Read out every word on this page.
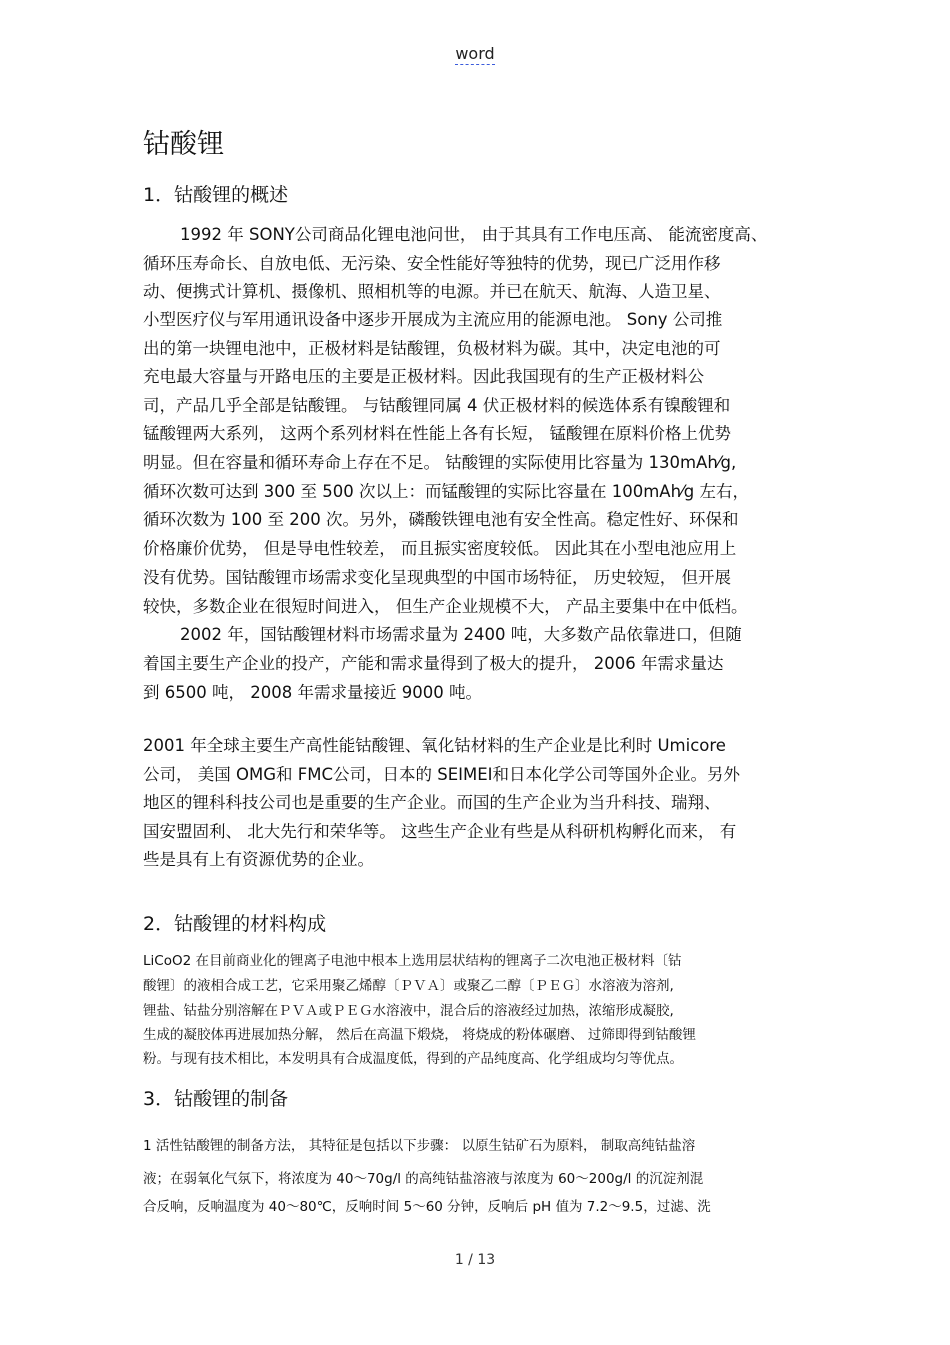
word
钴酸锂
1．钴酸锂的概述
1992 年 SONY公司商品化锂电池问世， 由于其具有工作电压高、 能流密度高、
循环压寿命长、自放电低、无污染、安全性能好等独特的优势，现已广泛用作移
动、便携式计算机、摄像机、照相机等的电源。并已在航天、航海、人造卫星、
小型医疗仪与军用通讯设备中逐步开展成为主流应用的能源电池。 Sony 公司推
出的第一块锂电池中，正极材料是钴酸锂，负极材料为碳。其中，决定电池的可
充电最大容量与开路电压的主要是正极材料。因此我国现有的生产正极材料公
司，产品几乎全部是钴酸锂。 与钴酸锂同属 4 伏正极材料的候选体系有镍酸锂和
锰酸锂两大系列， 这两个系列材料在性能上各有长短， 锰酸锂在原料价格上优势
明显。但在容量和循环寿命上存在不足。 钴酸锂的实际使用比容量为 130mAh⁄g,
循环次数可达到 300 至 500 次以上：而锰酸锂的实际比容量在 100mAh⁄g 左右，
循环次数为 100 至 200 次。另外，磷酸铁锂电池有安全性高。稳定性好、环保和
价格廉价优势， 但是导电性较差， 而且振实密度较低。 因此其在小型电池应用上
没有优势。国钴酸锂市场需求变化呈现典型的中国市场特征， 历史较短， 但开展
较快，多数企业在很短时间进入， 但生产企业规模不大， 产品主要集中在中低档。
2002 年，国钴酸锂材料市场需求量为 2400 吨，大多数产品依靠进口，但随
着国主要生产企业的投产，产能和需求量得到了极大的提升， 2006 年需求量达
到 6500 吨， 2008 年需求量接近 9000 吨。
2001 年全球主要生产高性能钴酸锂、氧化钴材料的生产企业是比利时 Umicore
公司， 美国 OMG和 FMC公司，日本的 SEIMEI和日本化学公司等国外企业。另外
地区的锂科科技公司也是重要的生产企业。而国的生产企业为当升科技、瑞翔、
国安盟固利、 北大先行和荣华等。 这些生产企业有些是从科研机构孵化而来， 有
些是具有上有资源优势的企业。
2．钴酸锂的材料构成
LiCoO2 在目前商业化的锂离子电池中根本上选用层状结构的锂离子二次电池正极材料〔钴
酸锂〕的液相合成工艺，它采用聚乙烯醇〔ＰＶＡ〕或聚乙二醇〔ＰＥＧ〕水溶液为溶剂,
锂盐、钴盐分别溶解在ＰＶＡ或ＰＥＧ水溶液中，混合后的溶液经过加热，浓缩形成凝胶,
生成的凝胶体再进展加热分解， 然后在高温下煅烧， 将烧成的粉体碾磨、 过筛即得到钴酸锂
粉。与现有技术相比，本发明具有合成温度低，得到的产品纯度高、化学组成均匀等优点。
3．钴酸锂的制备
1 活性钴酸锂的制备方法， 其特征是包括以下步骤： 以原生钴矿石为原料， 制取高纯钴盐溶
液；在弱氧化气氛下，将浓度为 40～70g/l 的高纯钴盐溶液与浓度为 60～200g/l 的沉淀剂混
合反响，反响温度为 40～80℃，反响时间 5～60 分钟，反响后 pH 值为 7.2～9.5，过滤、洗
1 / 13
